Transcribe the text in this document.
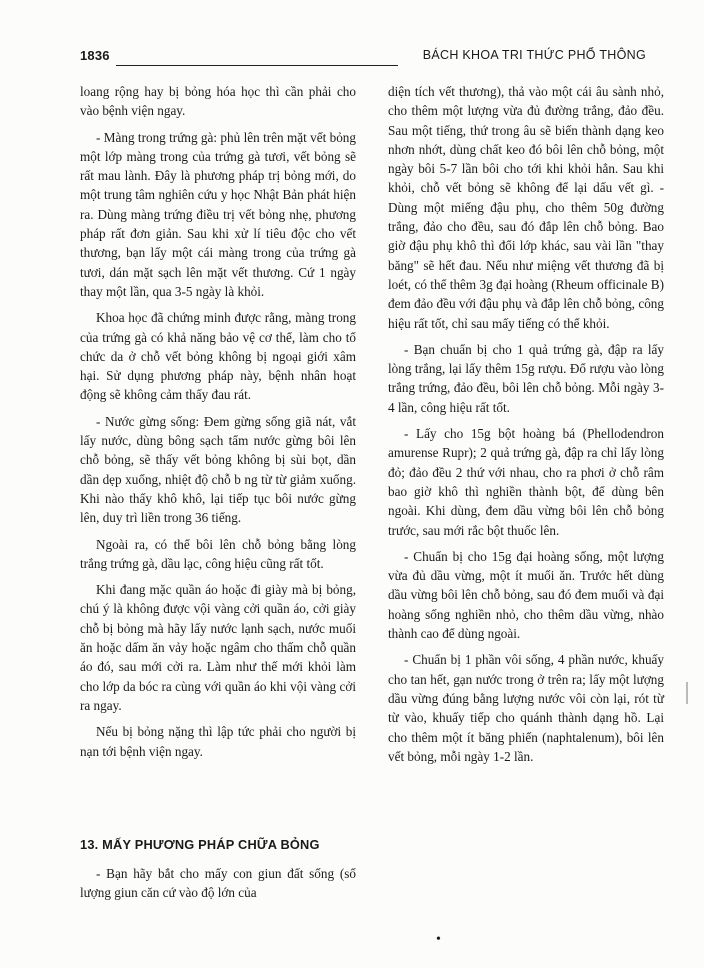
1836	BÁCH KHOA TRI THỨC PHỔ THÔNG

loang rộng hay bị bỏng hóa học thì cần phải cho vào bệnh viện ngay.

- Màng trong trứng gà: phủ lên trên mặt vết bỏng một lớp màng trong của trứng gà tươi, vết bỏng sẽ rất mau lành. Đây là phương pháp trị bỏng mới, do một trung tâm nghiên cứu y học Nhật Bản phát hiện ra. Dùng màng trứng điều trị vết bỏng nhẹ, phương pháp rất đơn giản. Sau khi xử lí tiêu độc cho vết thương, bạn lấy một cái màng trong của trứng gà tươi, dán mặt sạch lên mặt vết thương. Cứ 1 ngày thay một lần, qua 3-5 ngày là khỏi.

Khoa học đã chứng minh được rằng, màng trong của trứng gà có khả năng bảo vệ cơ thể, làm cho tổ chức da ở chỗ vết bỏng không bị ngoại giới xâm hại. Sử dụng phương pháp này, bệnh nhân hoạt động sẽ không cảm thấy đau rát.

- Nước gừng sống: Đem gừng sống giã nát, vắt lấy nước, dùng bông sạch tẩm nước gừng bôi lên chỗ bỏng, sẽ thấy vết bỏng không bị sùi bọt, dần dần dẹp xuống, nhiệt độ chỗ b ng từ từ giảm xuống. Khi nào thấy khô khô, lại tiếp tục bôi nước gừng lên, duy trì liền trong 36 tiếng.

Ngoài ra, có thể bôi lên chỗ bỏng bằng lòng trắng trứng gà, dầu lạc, công hiệu cũng rất tốt.

Khi đang mặc quần áo hoặc đi giày mà bị bỏng, chú ý là không được vội vàng cởi quần áo, cởi giày chỗ bị bỏng mà hãy lấy nước lạnh sạch, nước muối ăn hoặc dấm ăn vảy hoặc ngâm cho thấm chỗ quần áo đó, sau mới cởi ra. Làm như thế mới khỏi làm cho lớp da bóc ra cùng với quần áo khi vội vàng cởi ra ngay.

Nếu bị bỏng nặng thì lập tức phải cho người bị nạn tới bệnh viện ngay.

13. MẤY PHƯƠNG PHÁP CHỮA BỎNG
- Bạn hãy bắt cho mấy con giun đất sống (số lượng giun căn cứ vào độ lớn của

diện tích vết thương), thả vào một cái âu sành nhỏ, cho thêm một lượng vừa đủ đường trắng, đảo đều. Sau một tiếng, thứ trong âu sẽ biến thành dạng keo nhơn nhớt, dùng chất keo đó bôi lên chỗ bỏng, một ngày bôi 5-7 lần bôi cho tới khi khỏi hẳn. Sau khi khỏi, chỗ vết bỏng sẽ không để lại dấu vết gì. - Dùng một miếng đậu phụ, cho thêm 50g đường trắng, đảo cho đều, sau đó đắp lên chỗ bỏng. Bao giờ đậu phụ khô thì đổi lớp khác, sau vài lần "thay băng" sẽ hết đau. Nếu như miệng vết thương đã bị loét, có thể thêm 3g đại hoàng (Rheum officinale B) đem đảo đều với đậu phụ và đắp lên chỗ bỏng, công hiệu rất tốt, chỉ sau mấy tiếng có thể khỏi.

- Bạn chuẩn bị cho 1 quả trứng gà, đập ra lấy lòng trắng, lại lấy thêm 15g rượu. Đổ rượu vào lòng trắng trứng, đảo đều, bôi lên chỗ bỏng. Mỗi ngày 3-4 lần, công hiệu rất tốt.

- Lấy cho 15g bột hoàng bá (Phellodendron amurense Rupr); 2 quả trứng gà, đập ra chỉ lấy lòng đỏ; đảo đều 2 thứ với nhau, cho ra phơi ở chỗ râm bao giờ khô thì nghiền thành bột, để dùng bên ngoài. Khi dùng, đem dầu vừng bôi lên chỗ bỏng trước, sau mới rắc bột thuốc lên.

- Chuẩn bị cho 15g đại hoàng sống, một lượng vừa đủ dầu vừng, một ít muối ăn. Trước hết dùng dầu vừng bôi lên chỗ bỏng, sau đó đem muối và đại hoàng sống nghiền nhỏ, cho thêm dầu vừng, nhào thành cao để dùng ngoài.

- Chuẩn bị 1 phần vôi sống, 4 phần nước, khuấy cho tan hết, gạn nước trong ở trên ra; lấy một lượng dầu vừng đúng bằng lượng nước vôi còn lại, rót từ từ vào, khuấy tiếp cho quánh thành dạng hồ. Lại cho thêm một ít băng phiến (naphtalenum), bôi lên vết bỏng, mỗi ngày 1-2 lần.

•
